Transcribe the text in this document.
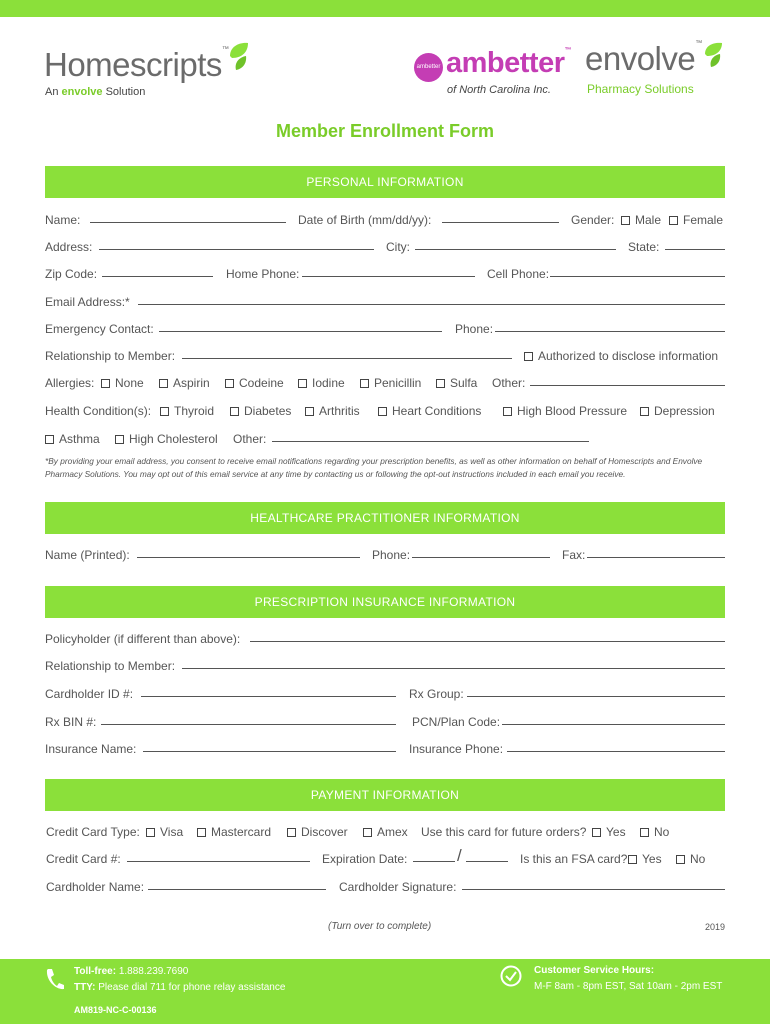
Homescripts™
An envolve Solution
ambetter ambetter™
of North Carolina Inc.
envolve™
Pharmacy Solutions
Member Enrollment Form
PERSONAL INFORMATION
Name:	Date of Birth (mm/dd/yy):	Gender:	Male	Female
Address:	City:	State:
Zip Code:	Home Phone:	Cell Phone:
Email Address:*
Emergency Contact:	Phone:
Relationship to Member:	Authorized to disclose information
Allergies:	None	Aspirin	Codeine	Iodine	Penicillin	Sulfa Other:
Health Condition(s):	Thyroid	Diabetes	Arthritis	Heart Conditions	High Blood Pressure	Depression
Asthma	High Cholesterol Other:
*By providing your email address, you consent to receive email notifications regarding your prescription benefits, as well as other information on behalf of Homescripts and Envolve Pharmacy Solutions. You may opt out of this email service at any time by contacting us or following the opt-out instructions included in each email you receive.
HEALTHCARE PRACTITIONER INFORMATION
Name (Printed):	Phone:	Fax:
PRESCRIPTION INSURANCE INFORMATION
Policyholder (if different than above):
Relationship to Member:
Cardholder ID #:	Rx Group:
Rx BIN #:	PCN/Plan Code:
Insurance Name:	Insurance Phone:
PAYMENT INFORMATION
Credit Card Type:	Visa	Mastercard	Discover	Amex Use this card for future orders?	Yes	No
Credit Card #:	Expiration Date:	/	Is this an FSA card?	Yes	No
Cardholder Name:	Cardholder Signature:
(Turn over to complete)	2019
Toll-free: 1.888.239.7690
TTY: Please dial 711 for phone relay assistance
Customer Service Hours:
M-F 8am - 8pm EST, Sat 10am - 2pm EST
AM819-NC-C-00136
